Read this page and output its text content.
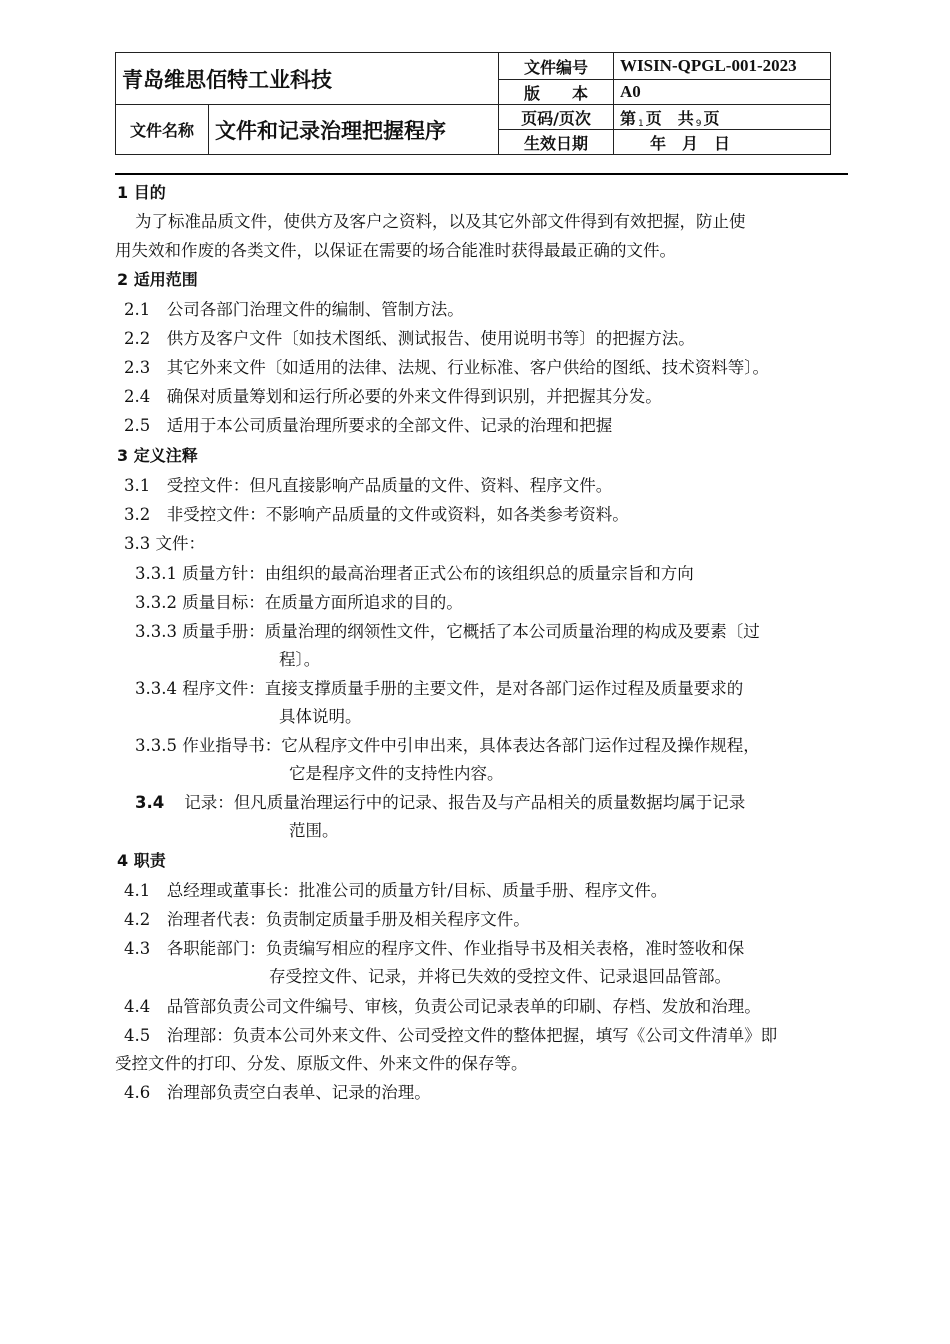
青岛维思佰特工业科技		文件编号	WISIN-QPGL-001-2023
		版　　本	A0
文件名称	文件和记录治理把握程序	页码/页次	第 1 页　共 9 页
		生效日期	年　月　日
1 目的
为了标准品质文件，使供方及客户之资料，以及其它外部文件得到有效把握，防止使
用失效和作废的各类文件，以保证在需要的场合能准时获得最最正确的文件。
2 适用范围
2.1　公司各部门治理文件的编制、管制方法。
2.2　供方及客户文件〔如技术图纸、测试报告、使用说明书等〕的把握方法。
2.3　其它外来文件〔如适用的法律、法规、行业标准、客户供给的图纸、技术资料等〕。
2.4　确保对质量筹划和运行所必要的外来文件得到识别，并把握其分发。
2.5　适用于本公司质量治理所要求的全部文件、记录的治理和把握
3 定义注释
3.1　受控文件：但凡直接影响产品质量的文件、资料、程序文件。
3.2　非受控文件：不影响产品质量的文件或资料，如各类参考资料。
3.3 文件：
3.3.1 质量方针：由组织的最高治理者正式公布的该组织总的质量宗旨和方向
3.3.2 质量目标：在质量方面所追求的目的。
3.3.3 质量手册：质量治理的纲领性文件，它概括了本公司质量治理的构成及要素〔过
程〕。
3.3.4 程序文件：直接支撑质量手册的主要文件，是对各部门运作过程及质量要求的
具体说明。
3.3.5 作业指导书：它从程序文件中引申出来，具体表达各部门运作过程及操作规程，
它是程序文件的支持性内容。
3.4 记录：但凡质量治理运行中的记录、报告及与产品相关的质量数据均属于记录
范围。
4 职责
4.1　总经理或董事长：批准公司的质量方针/目标、质量手册、程序文件。
4.2　治理者代表：负责制定质量手册及相关程序文件。
4.3　各职能部门：负责编写相应的程序文件、作业指导书及相关表格，准时签收和保
存受控文件、记录，并将已失效的受控文件、记录退回品管部。
4.4　品管部负责公司文件编号、审核，负责公司记录表单的印刷、存档、发放和治理。
4.5　治理部：负责本公司外来文件、公司受控文件的整体把握，填写《公司文件清单》即
受控文件的打印、分发、原版文件、外来文件的保存等。
4.6　治理部负责空白表单、记录的治理。
